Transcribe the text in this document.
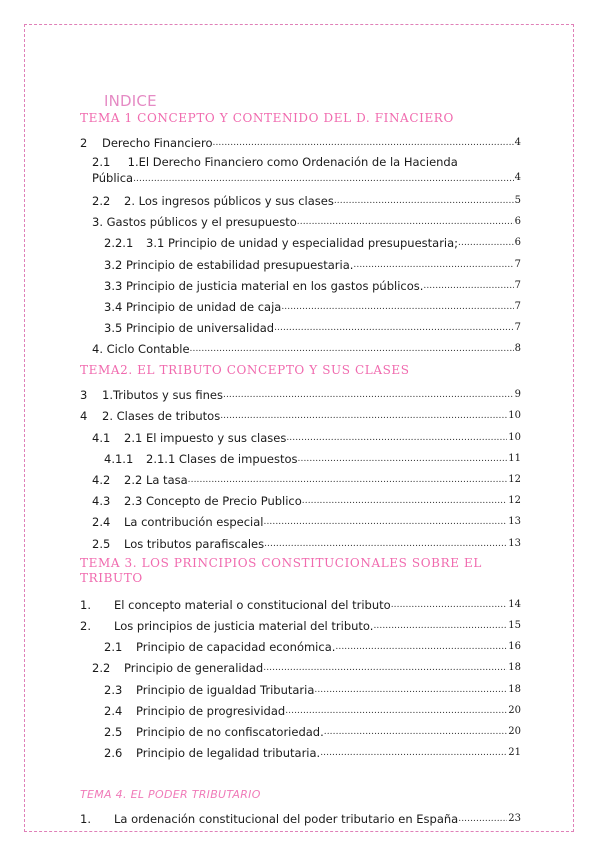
INDICE
TEMA 1 CONCEPTO Y CONTENIDO DEL D. FINACIERO
2	Derecho Financiero .....	4
2.1 1.El Derecho Financiero como Ordenación de la Hacienda
Pública .....	4
2.2	2. Los ingresos públicos y sus clases .....	5
3. Gastos públicos y el presupuesto .....	6
2.2.1	3.1 Principio de unidad y especialidad presupuestaria; .....	6
3.2 Principio de estabilidad presupuestaria. .....	7
3.3 Principio de justicia material en los gastos públicos. .....	7
3.4 Principio de unidad de caja .....	7
3.5 Principio de universalidad .....	7
4. Ciclo Contable .....	8
TEMA2. EL TRIBUTO CONCEPTO Y SUS CLASES
3	1.Tributos y sus fines .....	9
4	2. Clases de tributos .....	10
4.1	2.1 El impuesto y sus clases .....	10
4.1.1	2.1.1 Clases de impuestos .....	11
4.2	2.2 La tasa .....	12
4.3	2.3 Concepto de Precio Publico .....	12
2.4	La contribución especial .....	13
2.5	Los tributos parafiscales .....	13
TEMA 3. LOS PRINCIPIOS CONSTITUCIONALES SOBRE EL
TRIBUTO
1.	El concepto material o constitucional del tributo .....	14
2.	Los principios de justicia material del tributo. .....	15
2.1	Principio de capacidad económica. .....	16
2.2	Principio de generalidad .....	18
2.3	Principio de igualdad Tributaria .....	18
2.4	Principio de progresividad .....	20
2.5	Principio de no confiscatoriedad. .....	20
2.6	Principio de legalidad tributaria. .....	21
TEMA 4. EL PODER TRIBUTARIO
1.	La ordenación constitucional del poder tributario en España .....	23
